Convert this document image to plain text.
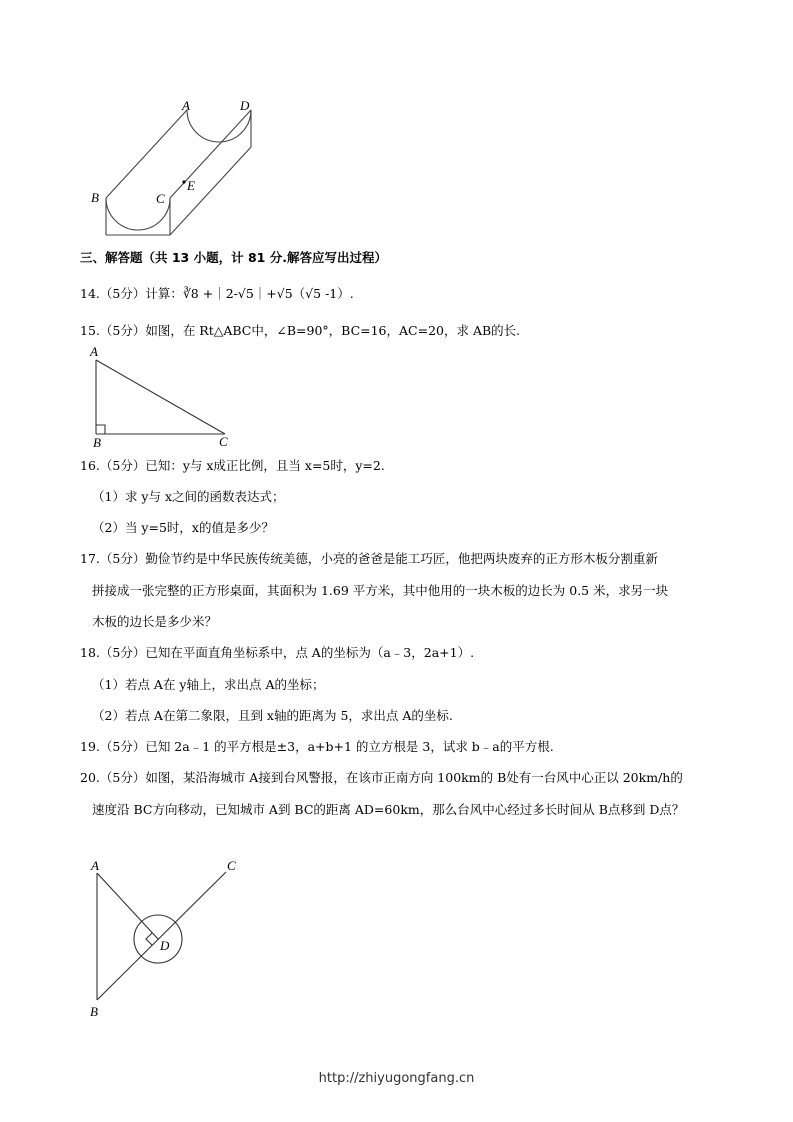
A	D
B	C
E
三、解答题（共 13 小题，计 81 分.解答应写出过程）
14.（5分）计算：∛8 +｜2-√5｜+√5（√5 -1）.
15.（5分）如图，在 Rt△ABC中，∠B=90°，BC=16，AC=20，求 AB的长.
A
B	C
16.（5分）已知：y与 x成正比例，且当 x=5时，y=2.
（1）求 y与 x之间的函数表达式；
（2）当 y=5时，x的值是多少？
17.（5分）勤俭节约是中华民族传统美德，小亮的爸爸是能工巧匠，他把两块废弃的正方形木板分割重新
拼接成一张完整的正方形桌面，其面积为 1.69 平方米，其中他用的一块木板的边长为 0.5 米，求另一块
木板的边长是多少米？
18.（5分）已知在平面直角坐标系中，点 A的坐标为（a﹣3，2a+1）.
（1）若点 A在 y轴上，求出点 A的坐标；
（2）若点 A在第二象限，且到 x轴的距离为 5，求出点 A的坐标.
19.（5分）已知 2a﹣1 的平方根是±3，a+b+1 的立方根是 3，试求 b﹣a的平方根.
20.（5分）如图，某沿海城市 A接到台风警报，在该市正南方向 100km的 B处有一台风中心正以 20km/h的
速度沿 BC方向移动，已知城市 A到 BC的距离 AD=60km，那么台风中心经过多长时间从 B点移到 D点？
A	C
D
B
http://zhiyugongfang.cn
